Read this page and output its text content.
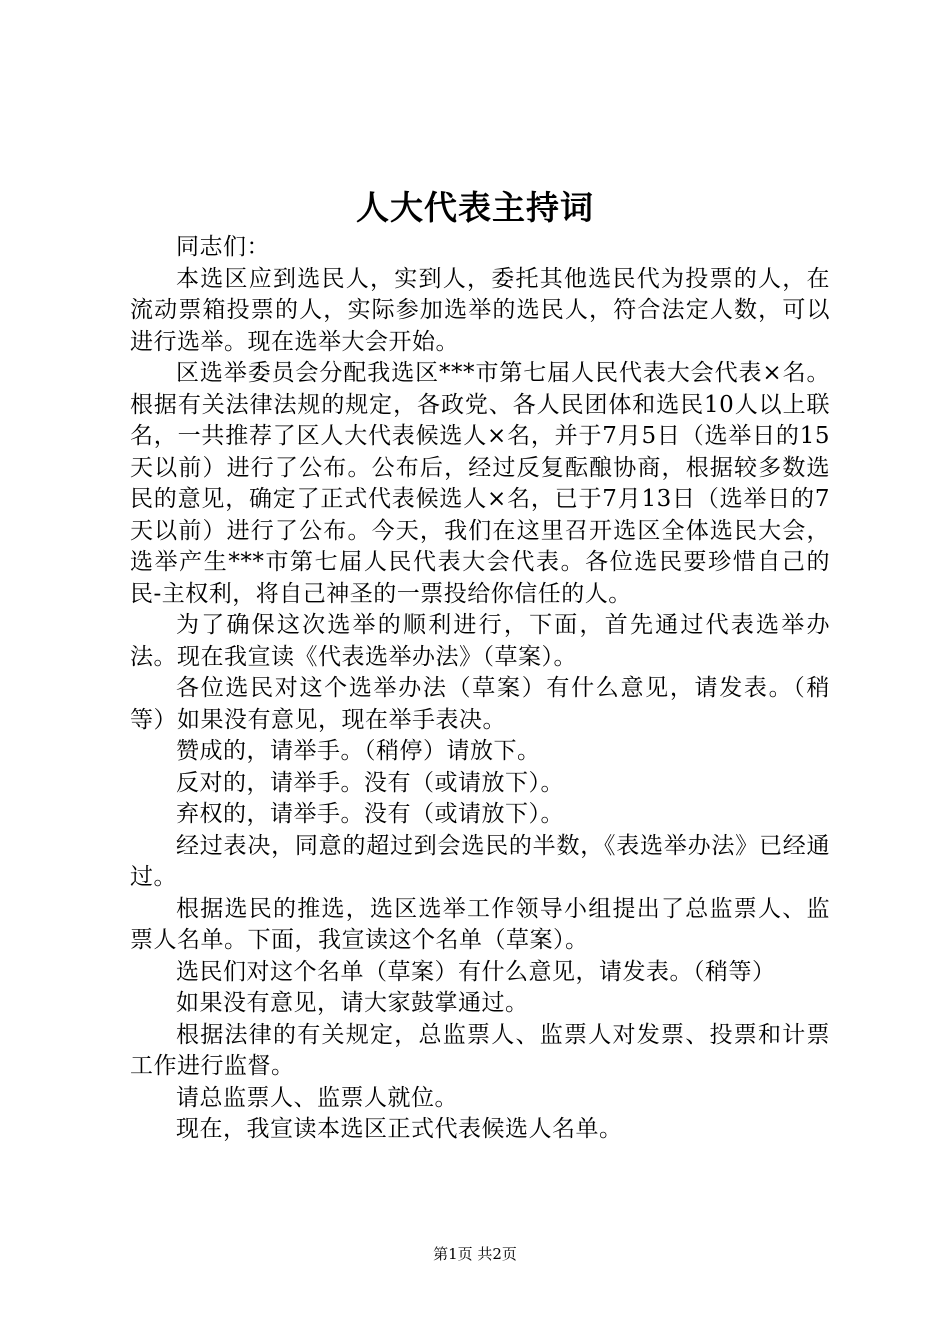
人大代表主持词

同志们：

本选区应到选民人，实到人，委托其他选民代为投票的人，在流动票箱投票的人，实际参加选举的选民人，符合法定人数，可以进行选举。现在选举大会开始。

区选举委员会分配我选区***市第七届人民代表大会代表×名。根据有关法律法规的规定，各政党、各人民团体和选民10人以上联名，一共推荐了区人大代表候选人×名，并于7月5日（选举日的15天以前）进行了公布。公布后，经过反复酝酿协商，根据较多数选民的意见，确定了正式代表候选人×名，已于7月13日（选举日的7天以前）进行了公布。今天，我们在这里召开选区全体选民大会，选举产生***市第七届人民代表大会代表。各位选民要珍惜自己的民-主权利，将自己神圣的一票投给你信任的人。

为了确保这次选举的顺利进行，下面，首先通过代表选举办法。现在我宣读《代表选举办法》（草案）。

各位选民对这个选举办法（草案）有什么意见，请发表。（稍等）如果没有意见，现在举手表决。

赞成的，请举手。（稍停）请放下。

反对的，请举手。没有（或请放下）。

弃权的，请举手。没有（或请放下）。

经过表决，同意的超过到会选民的半数，《表选举办法》已经通过。

根据选民的推选，选区选举工作领导小组提出了总监票人、监票人名单。下面，我宣读这个名单（草案）。

选民们对这个名单（草案）有什么意见，请发表。（稍等）

如果没有意见，请大家鼓掌通过。

根据法律的有关规定，总监票人、监票人对发票、投票和计票工作进行监督。

请总监票人、监票人就位。

现在，我宣读本选区正式代表候选人名单。

第1页 共2页
